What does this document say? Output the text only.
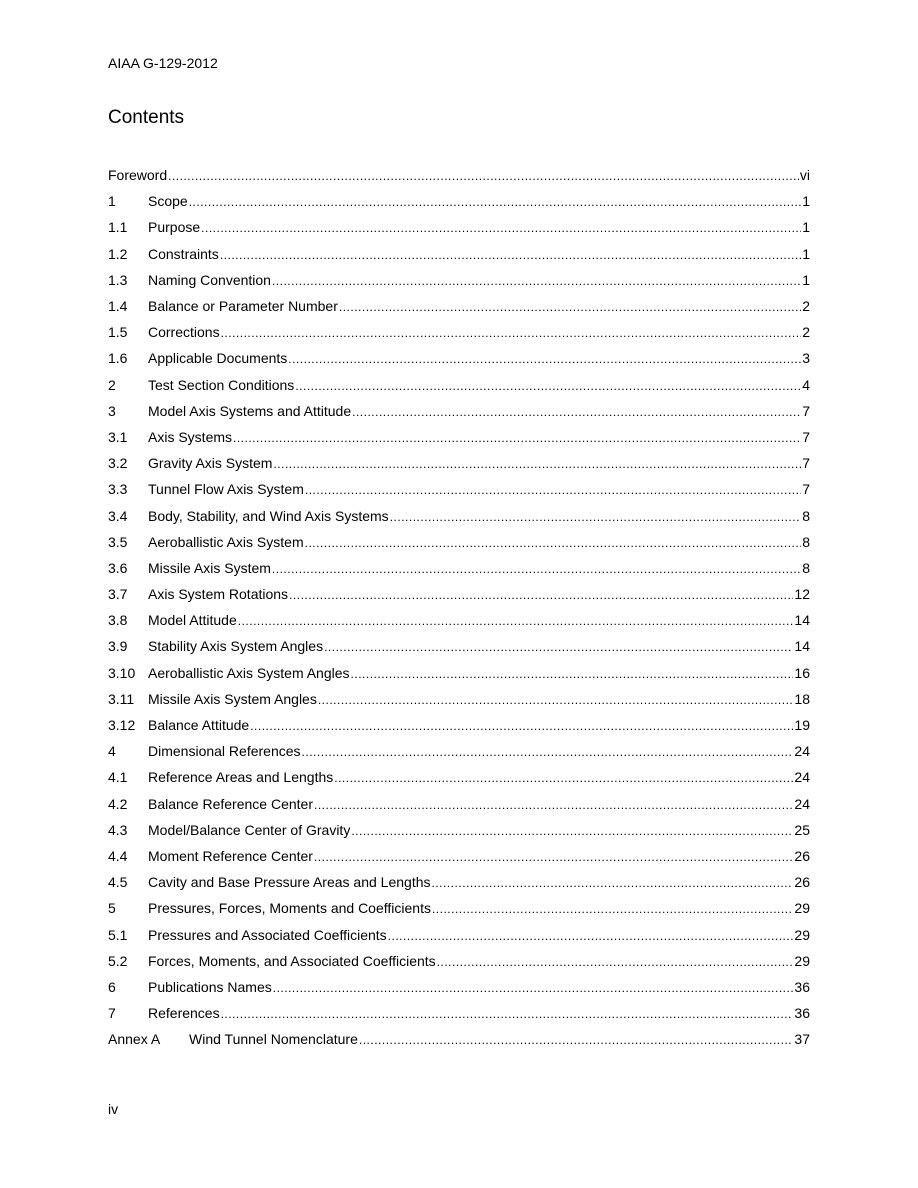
AIAA G-129-2012
Contents
Foreword .....	vi
1	Scope .....	1
1.1	Purpose .....	1
1.2	Constraints .....	1
1.3	Naming Convention .....	1
1.4	Balance or Parameter Number .....	2
1.5	Corrections .....	2
1.6	Applicable Documents .....	3
2	Test Section Conditions .....	4
3	Model Axis Systems and Attitude .....	7
3.1	Axis Systems .....	7
3.2	Gravity Axis System .....	7
3.3	Tunnel Flow Axis System .....	7
3.4	Body, Stability, and Wind Axis Systems .....	8
3.5	Aeroballistic Axis System .....	8
3.6	Missile Axis System .....	8
3.7	Axis System Rotations .....	12
3.8	Model Attitude .....	14
3.9	Stability Axis System Angles .....	14
3.10 Aeroballistic Axis System Angles .....	16
3.11 Missile Axis System Angles .....	18
3.12 Balance Attitude .....	19
4	Dimensional References .....	24
4.1	Reference Areas and Lengths .....	24
4.2	Balance Reference Center .....	24
4.3	Model/Balance Center of Gravity .....	25
4.4	Moment Reference Center .....	26
4.5	Cavity and Base Pressure Areas and Lengths .....	26
5	Pressures, Forces, Moments and Coefficients .....	29
5.1	Pressures and Associated Coefficients .....	29
5.2	Forces, Moments, and Associated Coefficients .....	29
6	Publications Names .....	36
7	References .....	36
Annex A	Wind Tunnel Nomenclature .....	37
iv
